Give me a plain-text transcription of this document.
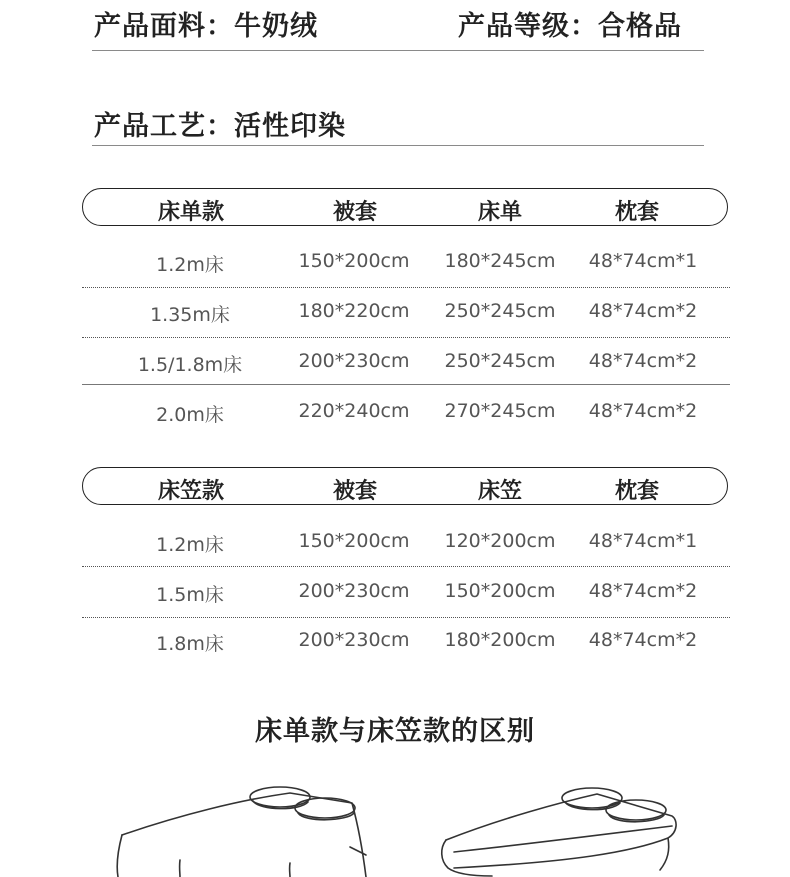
产品面料：牛奶绒	产品等级：合格品
产品工艺：活性印染
床单款	被套	床单	枕套
1.2m床	150*200cm 180*245cm 48*74cm*1
1.35m床	180*220cm 250*245cm 48*74cm*2
1.5/1.8m床	200*230cm 250*245cm 48*74cm*2
2.0m床	220*240cm 270*245cm 48*74cm*2
床笠款	被套	床笠	枕套
1.2m床	150*200cm 120*200cm 48*74cm*1
1.5m床	200*230cm 150*200cm 48*74cm*2
1.8m床	200*230cm 180*200cm 48*74cm*2
床单款与床笠款的区别
